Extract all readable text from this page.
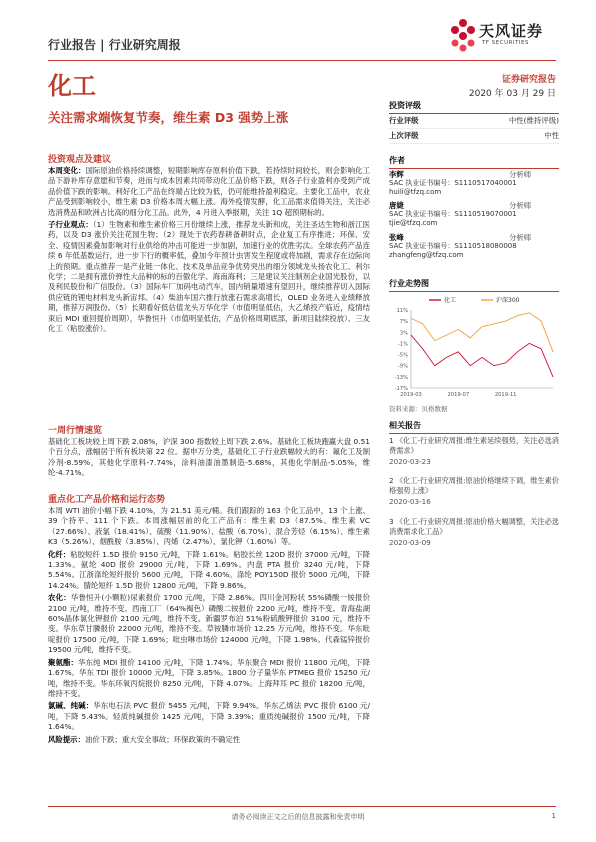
行业报告 | 行业研究周报
天风证券
TF SECURITIES
化工	证券研究报告
2020 年 03 月 29 日
关注需求端恢复节奏，维生素 D3 强势上涨
投资观点及建议

本周变化：国际原油价格持续调整，短期影响库存原料价值下跌，若持续时间较长，则会影响化工品下游补库存意愿和节奏，进而与成本因素共同带动化工品价格下跌，则各子行业盈利亦受到产成品价值下跌的影响。利好化工产品在终端占比较为低，仍可能维持盈利稳定。主要化工品中，农业产品受到影响较小，维生素 D3 价格本周大幅上涨。海外疫情发酵，化工品需求值得关注，关注必选消费品和欧洲占比高的细分化工品。此外，4 月进入季报期，关注 1Q 超预期标的。

子行业观点：（1）生物素和维生素价格三月份继续上涨，推荐龙头新和成，关注圣达生物和浙江医药，以及 D3 涨价关注花园生物；（2）现处于农药春耕备耕时点，企业复工有序推进；环保、安全、疫情因素叠加影响对行业供给的冲击可能进一步加剧，加速行业的优胜劣汰。全球农药产品连续 6 年低基数运行，进一步下行的概率低，叠加今年预计虫害发生程度或将加剧，需求存在边际向上的预期。重点推荐一是产业链一体化、技术及单品竞争优势突出的细分领域龙头扬农化工、利尔化学；二是拥有涨价弹性大品种的标的百傲化学、海南海利；三是建议关注制剂企业国光股份，以及利民股份和广信股份。（3）国际车厂加码电动汽车，国内销量增速有望回升，继续推荐切入国际供应链的锂电材料龙头新宙邦。（4）柴油车国六推行放涨石需求高增长，OLED 业务进入业绩释放期，推荐万润股份。（5）长期看好低估值龙头万华化学（市值明显低估，大乙烯投产临近，疫情结束后 MDI 重回提价周期），华鲁恒升（市值明显低估，产品价格周期底部，新项目陆续投放）、三友化工（粘胶涨价）。

一周行情速览

基础化工板块较上周下跌 2.08%，沪深 300 指数较上周下跌 2.6%。基础化工板块跑赢大盘 0.51 个百分点，涨幅居于所有板块第 22 位。据申万分类，基础化工子行业跌幅较大的有：氟化工及制冷剂-8.59%，其他化学原料-7.74%，涂料油漆油墨制造-5.68%，其他化学制品-5.05%，维纶-4.71%。

重点化工产品价格和运行态势

本周 WTI 油价小幅下跌 4.10%，为 21.51 美元/桶。我们跟踪的 163 个化工品中，13 个上涨、39 个持平、111 个下跌。本周涨幅居前的化工产品有：维生素 D3（87.5%、维生素 VC（27.66%）、液氯（18.41%）、硫酸（11.90%）、盐酸（6.70%）、混合芳烃（6.15%）、维生素 K3（5.26%）、烟酰胺（3.85%）、丙烯（2.47%）、氯化钾（1.60%）等。

化纤：粘胶短纤 1.5D 报价 9150 元/吨，下降 1.61%。粘胶长丝 120D 报价 37000 元/吨，下降 1.33%。氨纶 40D 报价 29000 元/吨，下降 1.69%。内盘 PTA 报价 3240 元/吨，下降 5.54%。江浙涤纶短纤报价 5600 元/吨，下降 4.60%。涤纶 POY150D 报价 5000 元/吨，下降 14.24%。腈纶短纤 1.5D 报价 12800 元/吨，下降 9.86%。

农化：华鲁恒升(小颗粒)尿素报价 1700 元/吨，下降 2.86%。四川金河粉状 55%磷酸一铵报价 2100 元/吨，维持不变。西南工厂（64%褐色）磷酸二铵报价 2200 元/吨，维持不变。青海盐湖 60%晶体氯化钾报价 2100 元/吨，维持不变。新疆罗布泊 51%粉硫酸钾报价 3100 元，维持不变。华东草甘膦报价 22000 元/吨，维持不变。草铵膦市场价 12.25 万元/吨，维持不变。华东吡啶报价 17500 元/吨，下降 1.69%；吡虫啉市场价 124000 元/吨，下降 1.98%。代森锰锌报价 19500 元/吨，维持不变。

聚氨酯：华东纯 MDI 报价 14100 元/吨，下降 1.74%。华东聚合 MDI 报价 11800 元/吨，下降 1.67%。华东 TDI 报价 10000 元/吨，下降 3.85%。1800 分子量华东 PTMEG 报价 15250 元/吨，维持不变。华东环氧丙烷报价 8250 元/吨，下降 4.07%。上海拜耳 PC 报价 18200 元/吨，维持不变。

氯碱、纯碱：华东电石法 PVC 报价 5455 元/吨，下降 9.94%。华东乙烯法 PVC 报价 6100 元/吨，下降 5.43%。轻质纯碱报价 1425 元/吨，下降 3.39%；重质纯碱报价 1500 元/吨，下降 1.64%。

风险提示：油价下跌；重大安全事故；环保政策的不确定性

投资评级
行业评级	中性(维持评级)
上次评级	中性
作者
李辉	分析师
SAC 执业证书编号：S1110517040001
huili@tfzq.com
唐婕	分析师
SAC 执业证书编号：S1110519070001
tjie@tfzq.com
张峰	分析师
SAC 执业证书编号：S1110518080008
zhangfeng@tfzq.com
行业走势图
化工	沪深300
11%
7%
3%
-1%
-5%
-9%
-13%
-17%
2019-03	2019-07	2019-11
资料来源：贝格数据
相关报告
1 《化工-行业研究周报:维生素延续强势，关注必选消费需求》
2020-03-23
2 《化工-行业研究周报:原油价格继续下调，维生素价格强势上涨》
2020-03-16
3 《化工-行业研究周报:原油价格大幅调整，关注必选消费需求化工品》
2020-03-09
请务必阅读正文之后的信息披露和免责申明	1
